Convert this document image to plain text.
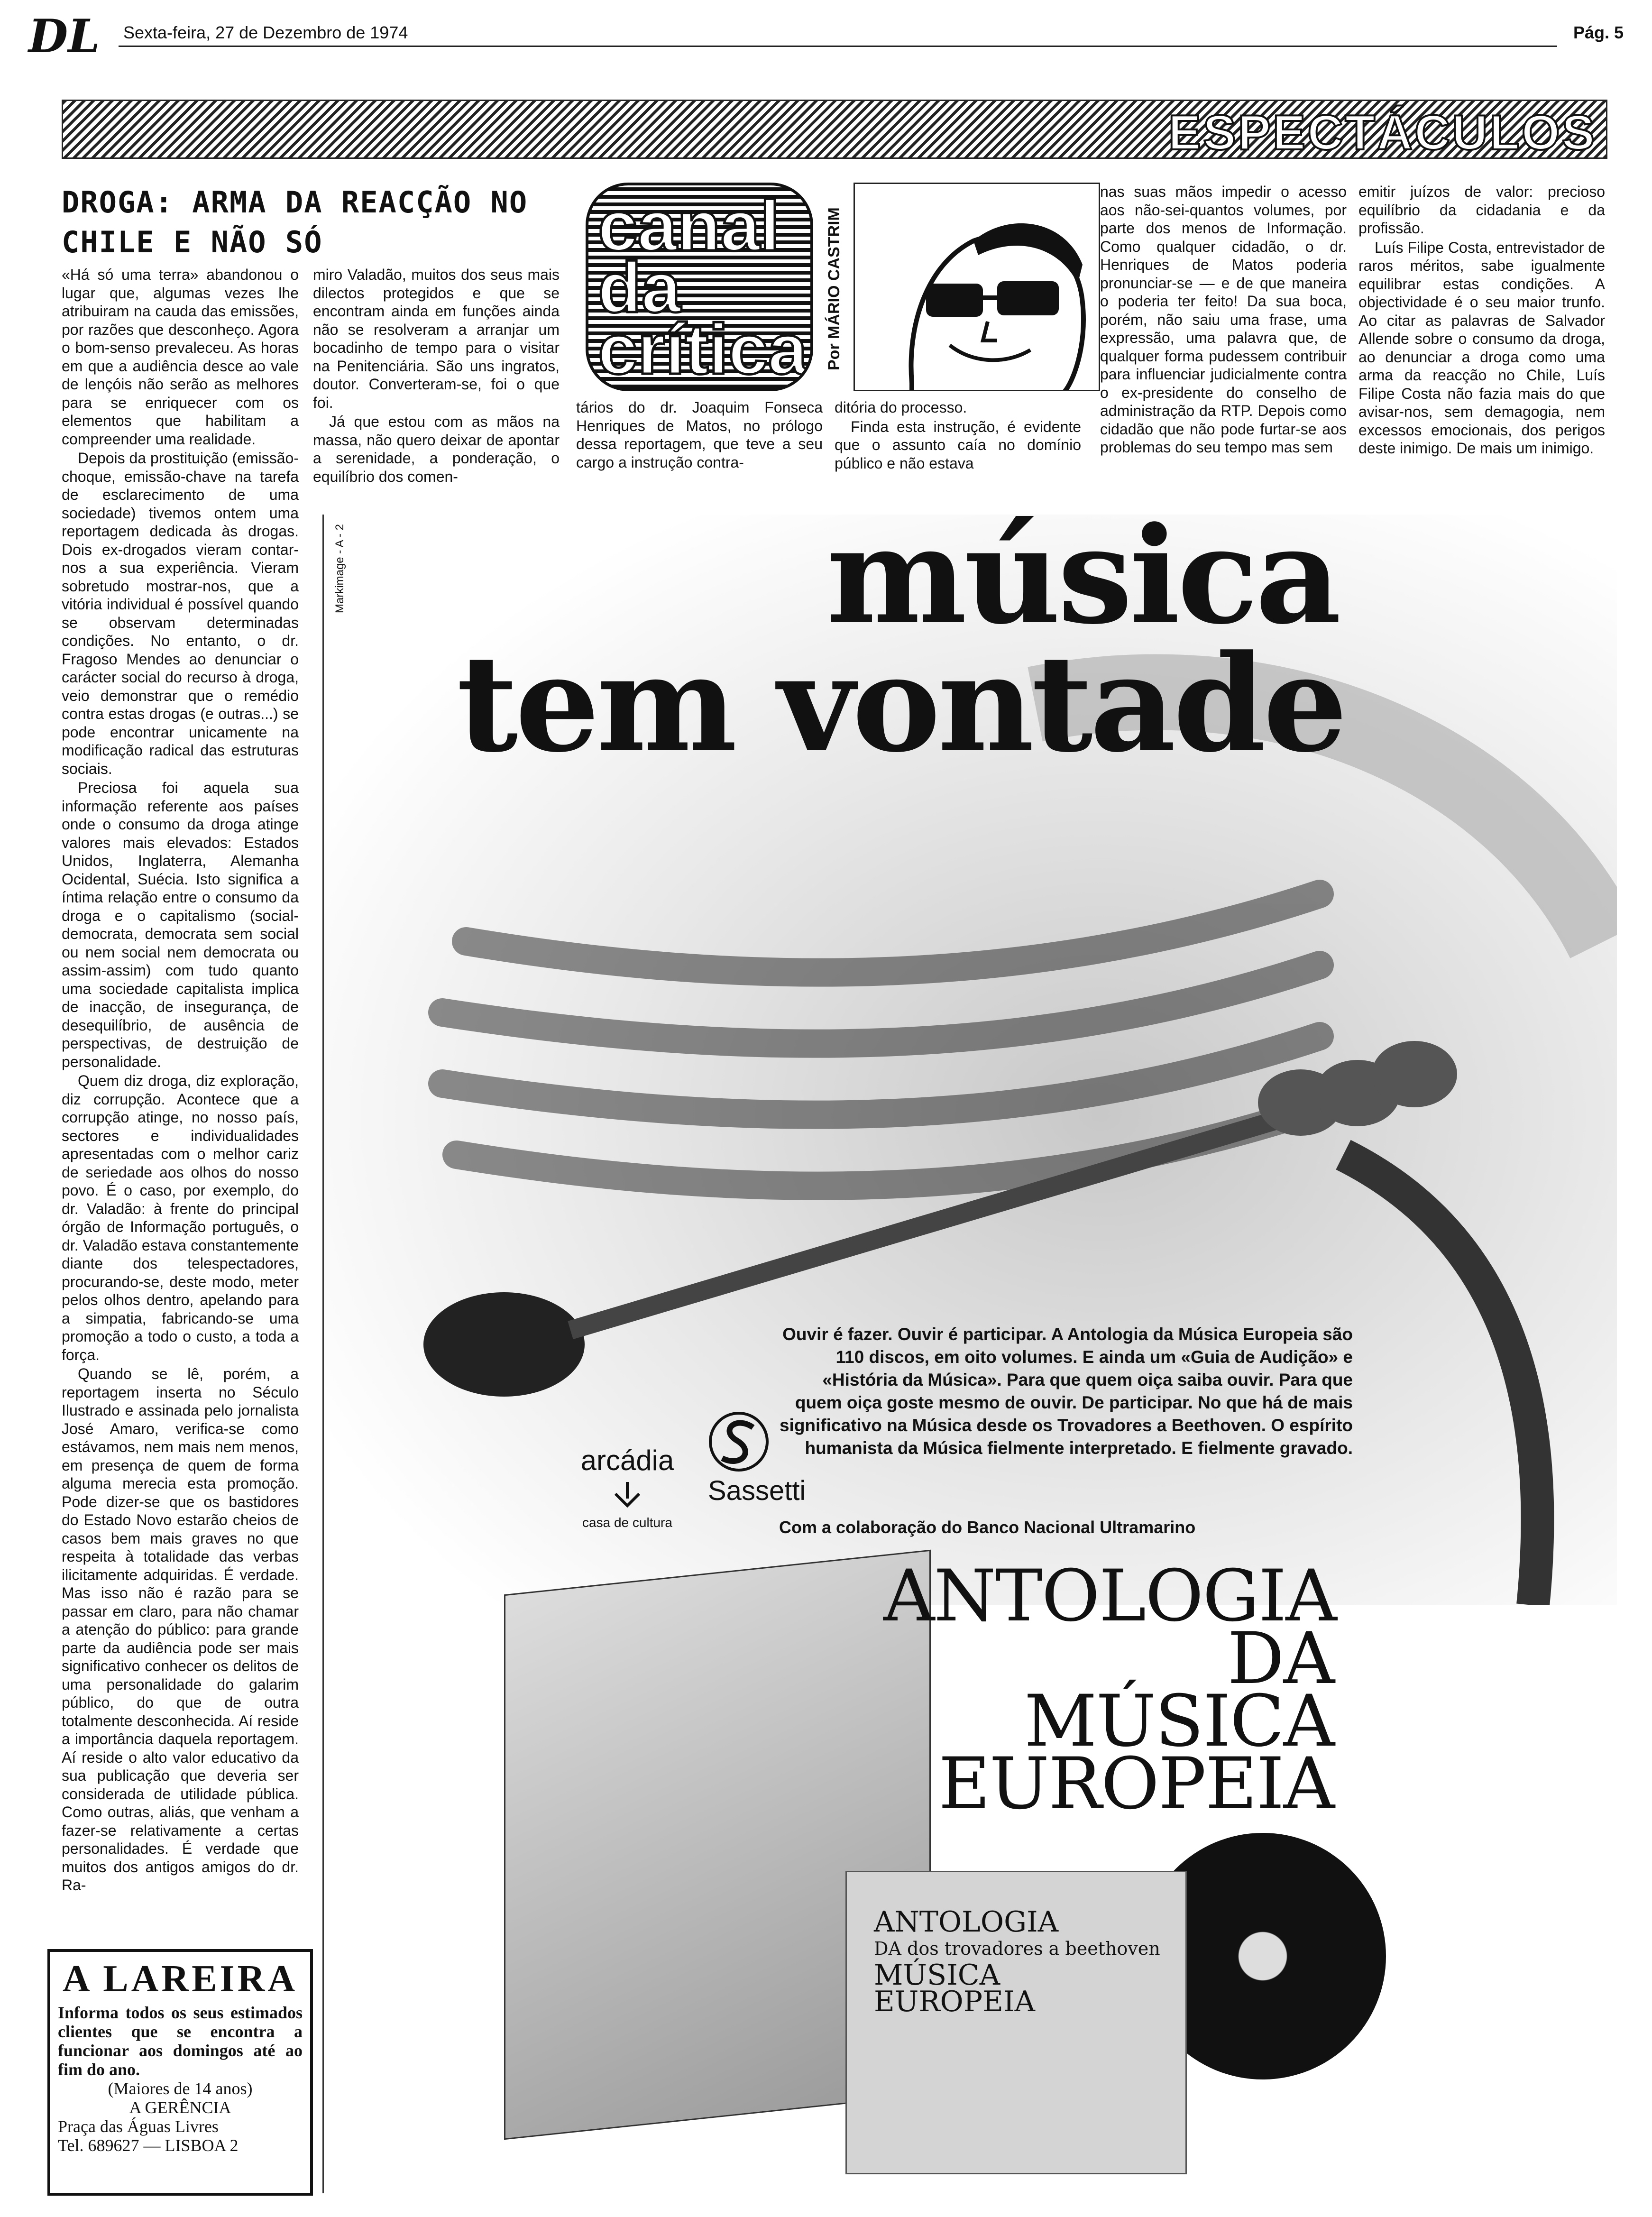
DL Sexta-feira, 27 de Dezembro de 1974	Pág. 5
ESPECTÁCULOS
DROGA: ARMA DA REACÇÃO NO CHILE E NÃO SÓ

«Há só uma terra» abandonou o lugar que, algumas vezes lhe atribuiram na cauda das emissões, por razões que desconheço. Agora o bom-senso prevaleceu. As horas em que a audiência desce ao vale de lençóis não serão as melhores para se enriquecer com os elementos que habilitam a compreender uma realidade.

Depois da prostituição (emissão-choque, emissão-chave na tarefa de esclarecimento de uma sociedade) tivemos ontem uma reportagem dedicada às drogas. Dois ex-drogados vieram contar-nos a sua experiência. Vieram sobretudo mostrar-nos, que a vitória individual é possível quando se observam determinadas condições. No entanto, o dr. Fragoso Mendes ao denunciar o carácter social do recurso à droga, veio demonstrar que o remédio contra estas drogas (e outras...) se pode encontrar unicamente na modificação radical das estruturas sociais.

Preciosa foi aquela sua informação referente aos países onde o consumo da droga atinge valores mais elevados: Estados Unidos, Inglaterra, Alemanha Ocidental, Suécia. Isto significa a íntima relação entre o consumo da droga e o capitalismo (social-democrata, democrata sem social ou nem social nem democrata ou assim-assim) com tudo quanto uma sociedade capitalista implica de inacção, de insegurança, de desequilíbrio, de ausência de perspectivas, de destruição de personalidade.

Quem diz droga, diz exploração, diz corrupção. Acontece que a corrupção atinge, no nosso país, sectores e individualidades apresentadas com o melhor cariz de seriedade aos olhos do nosso povo. É o caso, por exemplo, do dr. Valadão: à frente do principal órgão de Informação português, o dr. Valadão estava constantemente diante dos telespectadores, procurando-se, deste modo, meter pelos olhos dentro, apelando para a simpatia, fabricando-se uma promoção a todo o custo, a toda a força.

Quando se lê, porém, a reportagem inserta no Século Ilustrado e assinada pelo jornalista José Amaro, verifica-se como estávamos, nem mais nem menos, em presença de quem de forma alguma merecia esta promoção. Pode dizer-se que os bastidores do Estado Novo estarão cheios de casos bem mais graves no que respeita à totalidade das verbas ilicitamente adquiridas. É verdade. Mas isso não é razão para se passar em claro, para não chamar a atenção do público: para grande parte da audiência pode ser mais significativo conhecer os delitos de uma personalidade do galarim público, do que de outra totalmente desconhecida. Aí reside a importância daquela reportagem. Aí reside o alto valor educativo da sua publicação que deveria ser considerada de utilidade pública. Como outras, aliás, que venham a fazer-se relativamente a certas personalidades. É verdade que muitos dos antigos amigos do dr. Ra-

miro Valadão, muitos dos seus mais dilectos protegidos e que se encontram ainda em funções ainda não se resolveram a arranjar um bocadinho de tempo para o visitar na Penitenciária. São uns ingratos, doutor. Converteram-se, foi o que foi.

Já que estou com as mãos na massa, não quero deixar de apontar a serenidade, a ponderação, o equilíbrio dos comen-

tários do dr. Joaquim Fonseca Henriques de Matos, no prólogo dessa reportagem, que teve a seu cargo a instrução contra-

ditória do processo.

Finda esta instrução, é evidente que o assunto caía no domínio público e não estava

nas suas mãos impedir o acesso aos não-sei-quantos volumes, por parte dos menos de Informação. Como qualquer cidadão, o dr. Henriques de Matos poderia pronunciar-se — e de que maneira o poderia ter feito! Da sua boca, porém, não saiu uma frase, uma expressão, uma palavra que, de qualquer forma pudessem contribuir para influenciar judicialmente contra o ex-presidente do conselho de administração da RTP. Depois como cidadão que não pode furtar-se aos problemas do seu tempo mas sem

emitir juízos de valor: precioso equilíbrio da cidadania e da profissão.

Luís Filipe Costa, entrevistador de raros méritos, sabe igualmente equilibrar estas condições. A objectividade é o seu maior trunfo. Ao citar as palavras de Salvador Allende sobre o consumo da droga, ao denunciar a droga como uma arma da reacção no Chile, Luís Filipe Costa não fazia mais do que avisar-nos, sem demagogia, nem excessos emocionais, dos perigos deste inimigo. De mais um inimigo.

canal
da
crítica Por MÁRIO CASTRIM
Markimage - A - 2	música
tem vontade
Ouvir é fazer. Ouvir é participar. A Antologia da Música Europeia são 110 discos, em oito volumes. E ainda um «Guia de Audição» e «História da Música». Para que quem oiça saiba ouvir. Para que quem oiça goste mesmo de ouvir. De participar. No que há de mais significativo na Música desde os Trovadores a Beethoven. O espírito humanista da Música fielmente interpretado. E fielmente gravado.
arcádia
casa de cultura
Sassetti
Com a colaboração do Banco Nacional Ultramarino
ANTOLOGIA
DA dos trovadores a beethoven
MÚSICA
EUROPEIA
ANTOLOGIA
DA
MÚSICA
EUROPEIA
A LAREIRA
Informa todos os seus estimados clientes que se encontra a funcionar aos domingos até ao fim do ano.
(Maiores de 14 anos)
A GERÊNCIA
Praça das Águas Livres
Tel. 689627 — LISBOA 2
